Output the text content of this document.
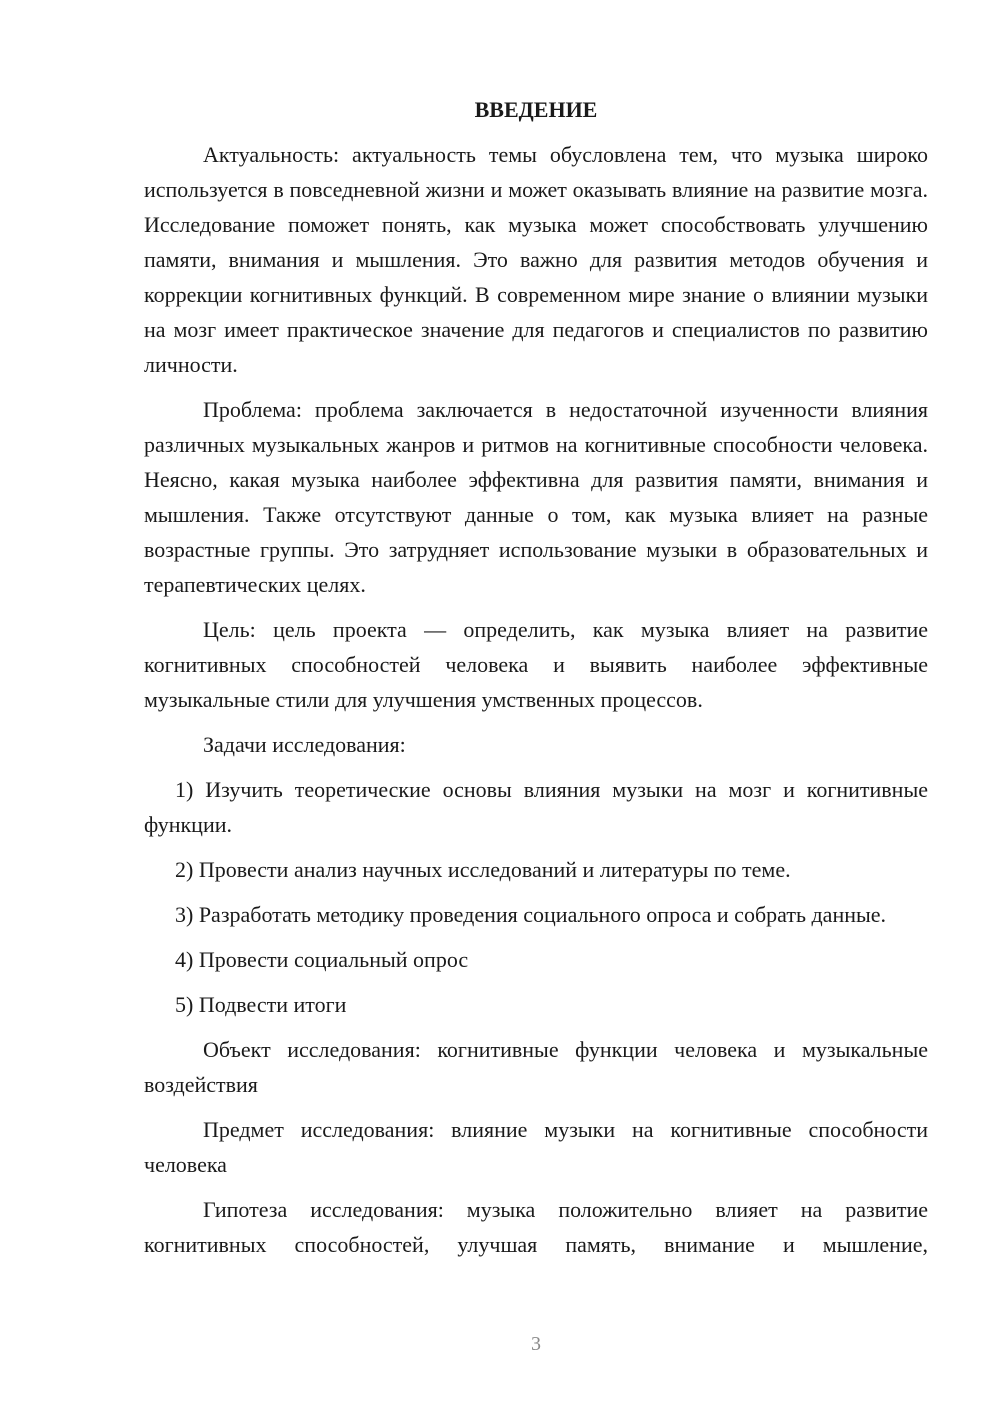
ВВЕДЕНИЕ
Актуальность: актуальность темы обусловлена тем, что музыка широко используется в повседневной жизни и может оказывать влияние на развитие мозга. Исследование поможет понять, как музыка может способствовать улучшению памяти, внимания и мышления. Это важно для развития методов обучения и коррекции когнитивных функций. В современном мире знание о влиянии музыки на мозг имеет практическое значение для педагогов и специалистов по развитию личности.
Проблема: проблема заключается в недостаточной изученности влияния различных музыкальных жанров и ритмов на когнитивные способности человека. Неясно, какая музыка наиболее эффективна для развития памяти, внимания и мышления. Также отсутствуют данные о том, как музыка влияет на разные возрастные группы. Это затрудняет использование музыки в образовательных и терапевтических целях.
Цель: цель проекта — определить, как музыка влияет на развитие когнитивных способностей человека и выявить наиболее эффективные музыкальные стили для улучшения умственных процессов.
Задачи исследования:
1) Изучить теоретические основы влияния музыки на мозг и когнитивные функции.
2) Провести анализ научных исследований и литературы по теме.
3) Разработать методику проведения социального опроса и собрать данные.
4) Провести социальный опрос
5) Подвести итоги
Объект исследования: когнитивные функции человека и музыкальные воздействия
Предмет исследования: влияние музыки на когнитивные способности человека
Гипотеза исследования: музыка положительно влияет на развитие когнитивных способностей, улучшая память, внимание и мышление,
3
